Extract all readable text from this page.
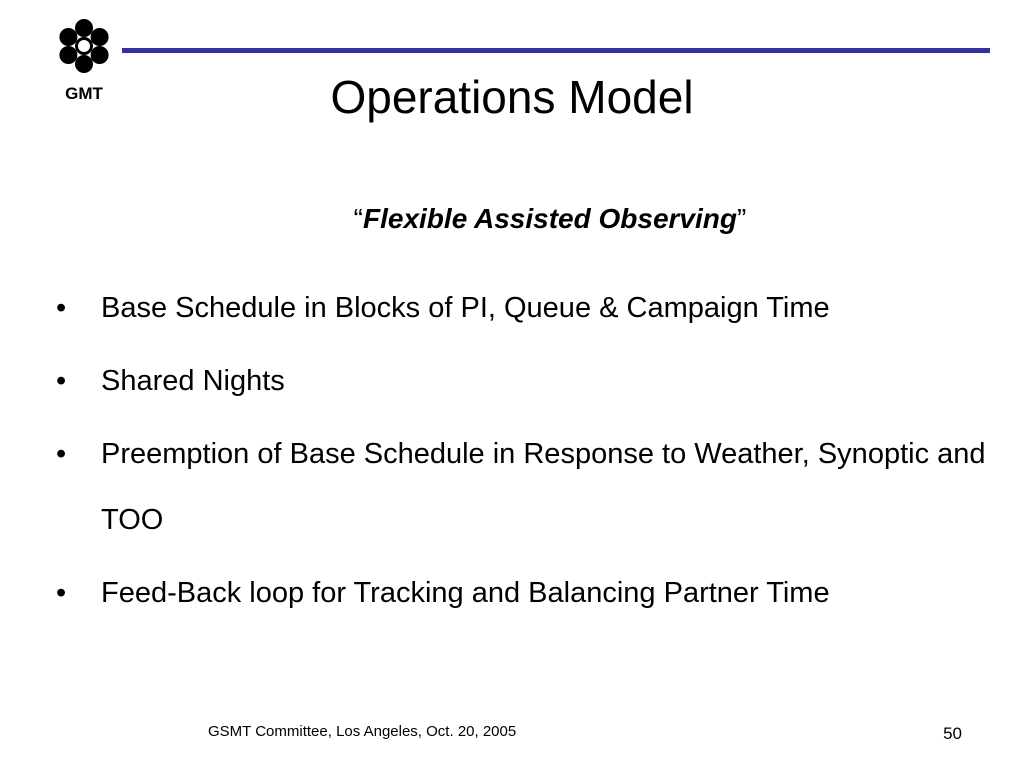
GMT	Operations Model
“Flexible Assisted Observing”
•	Base Schedule in Blocks of PI, Queue & Campaign Time
•	Shared Nights
•	Preemption of Base Schedule in Response to Weather, Synoptic and TOO
•	Feed-Back loop for Tracking and Balancing Partner Time
GSMT Committee, Los Angeles, Oct. 20, 2005	50
